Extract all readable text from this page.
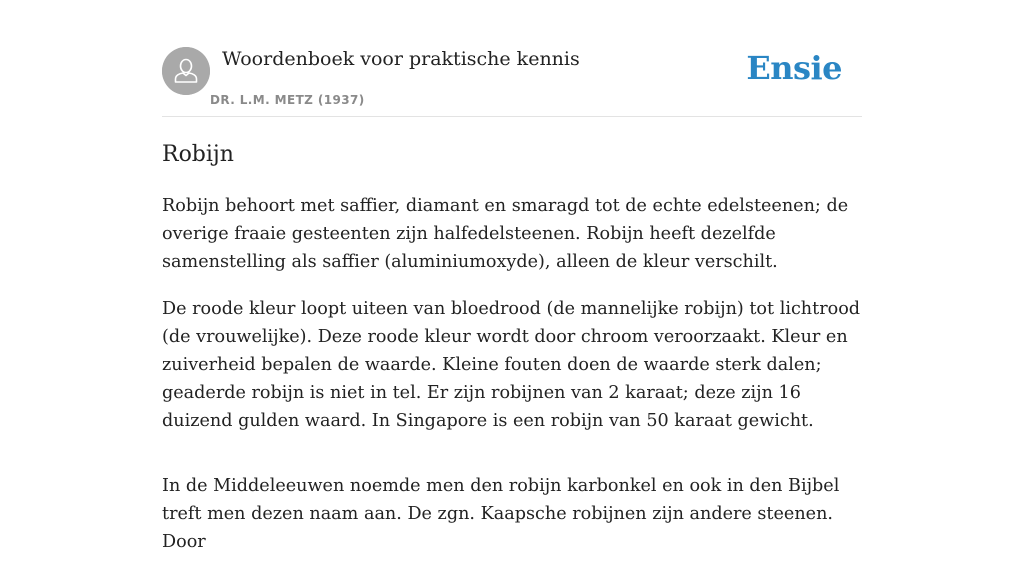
Woordenboek voor praktische kennis
DR. L.M. METZ (1937)
Ensie
Robijn

Robijn behoort met saffier, diamant en smaragd tot de echte edelsteenen; de overige fraaie gesteenten zijn halfedelsteenen. Robijn heeft dezelfde samenstelling als saffier (aluminiumoxyde), alleen de kleur verschilt.

De roode kleur loopt uiteen van bloedrood (de mannelijke robijn) tot lichtrood (de vrouwelijke). Deze roode kleur wordt door chroom veroorzaakt. Kleur en zuiverheid bepalen de waarde. Kleine fouten doen de waarde sterk dalen; geaderde robijn is niet in tel. Er zijn robijnen van 2 karaat; deze zijn 16 duizend gulden waard. In Singapore is een robijn van 50 karaat gewicht.

In de Middeleeuwen noemde men den robijn karbonkel en ook in den Bijbel treft men dezen naam aan. De zgn. Kaapsche robijnen zijn andere steenen. Door
